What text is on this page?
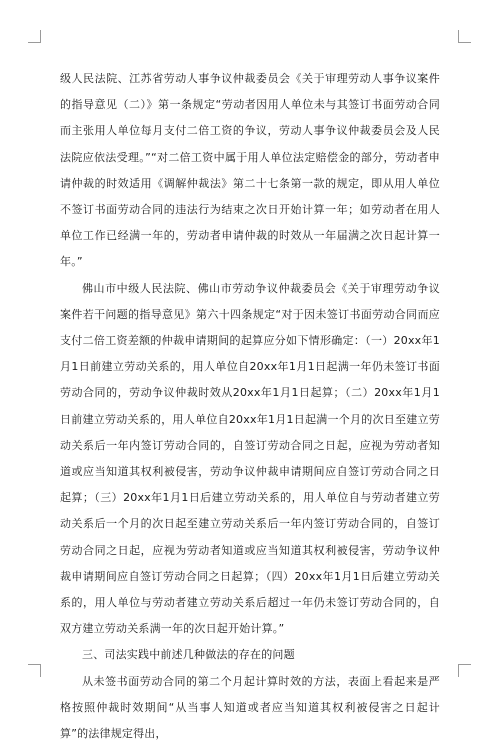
级人民法院、江苏省劳动人事争议仲裁委员会《关于审理劳动人事争议案件的指导意见（二）》第一条规定“劳动者因用人单位未与其签订书面劳动合同而主张用人单位每月支付二倍工资的争议，劳动人事争议仲裁委员会及人民法院应依法受理。”“对二倍工资中属于用人单位法定赔偿金的部分，劳动者申请仲裁的时效适用《调解仲裁法》第二十七条第一款的规定，即从用人单位不签订书面劳动合同的违法行为结束之次日开始计算一年；如劳动者在用人单位工作已经满一年的，劳动者申请仲裁的时效从一年届满之次日起计算一年。”

佛山市中级人民法院、佛山市劳动争议仲裁委员会《关于审理劳动争议案件若干问题的指导意见》第六十四条规定“对于因未签订书面劳动合同而应支付二倍工资差额的仲裁申请期间的起算应分如下情形确定：（一）20xx年1月1日前建立劳动关系的，用人单位自20xx年1月1日起满一年仍未签订书面劳动合同的，劳动争议仲裁时效从20xx年1月1日起算；（二）20xx年1月1日前建立劳动关系的，用人单位自20xx年1月1日起满一个月的次日至建立劳动关系后一年内签订劳动合同的，自签订劳动合同之日起，应视为劳动者知道或应当知道其权利被侵害，劳动争议仲裁申请期间应自签订劳动合同之日起算；（三）20xx年1月1日后建立劳动关系的，用人单位自与劳动者建立劳动关系后一个月的次日起至建立劳动关系后一年内签订劳动合同的，自签订劳动合同之日起，应视为劳动者知道或应当知道其权利被侵害，劳动争议仲裁申请期间应自签订劳动合同之日起算；（四）20xx年1月1日后建立劳动关系的，用人单位与劳动者建立劳动关系后超过一年仍未签订劳动合同的，自双方建立劳动关系满一年的次日起开始计算。”

三、司法实践中前述几种做法的存在的问题

从未签书面劳动合同的第二个月起计算时效的方法，表面上看起来是严格按照仲裁时效期间“从当事人知道或者应当知道其权利被侵害之日起计算”的法律规定得出，
